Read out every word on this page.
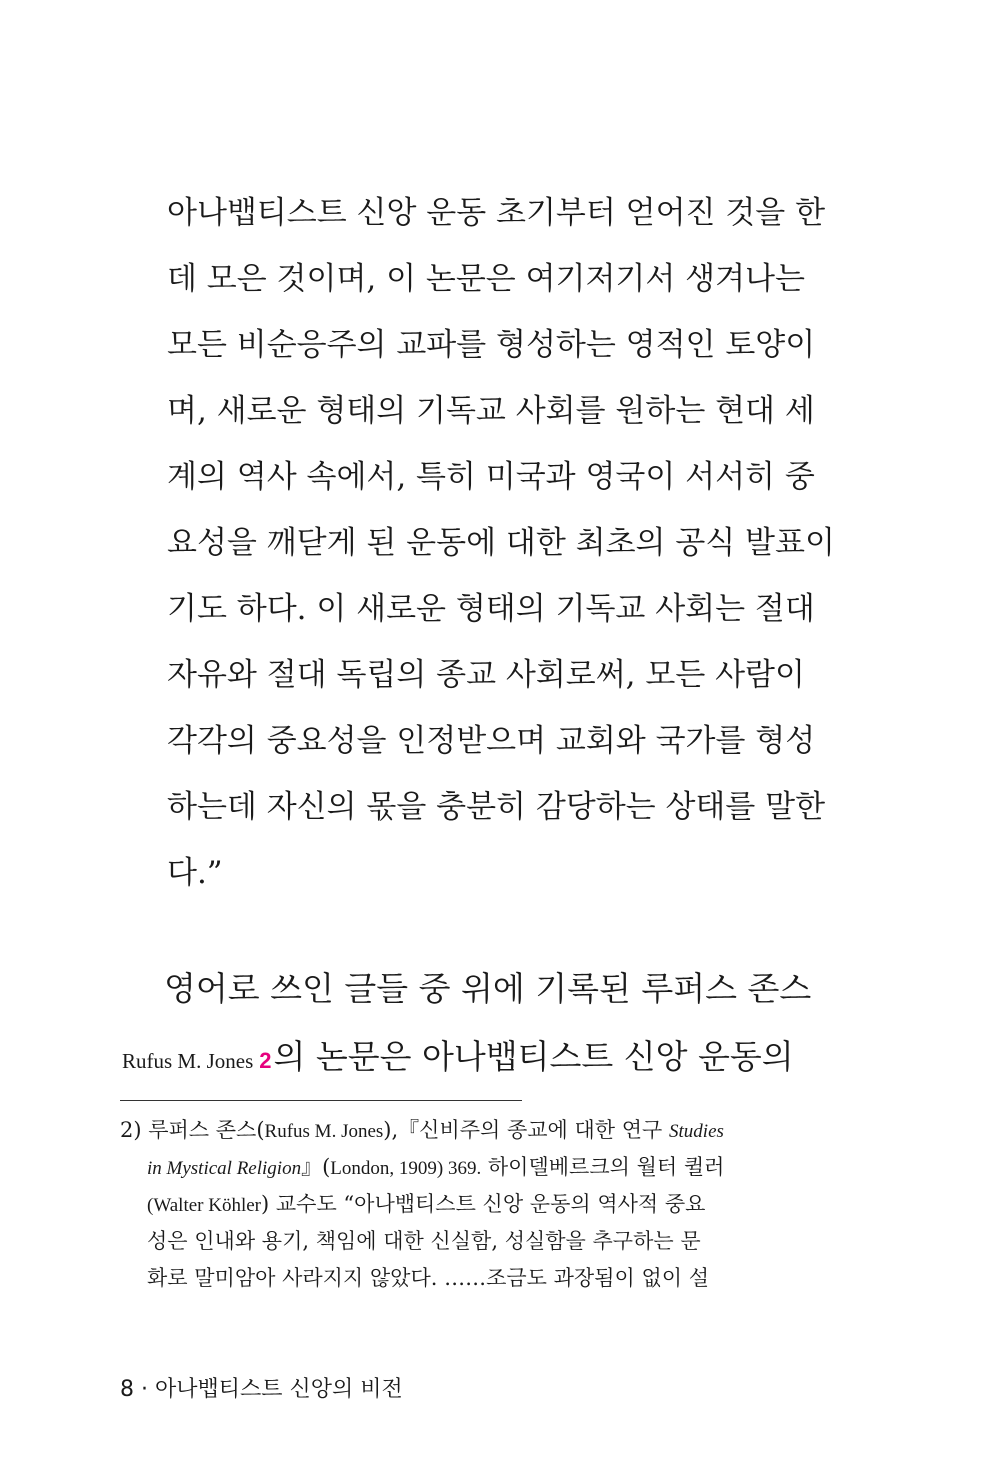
아나뱁티스트 신앙 운동 초기부터 얻어진 것을 한
데 모은 것이며, 이 논문은 여기저기서 생겨나는
모든 비순응주의 교파를 형성하는 영적인 토양이
며, 새로운 형태의 기독교 사회를 원하는 현대 세
계의 역사 속에서, 특히 미국과 영국이 서서히 중
요성을 깨닫게 된 운동에 대한 최초의 공식 발표이
기도 하다. 이 새로운 형태의 기독교 사회는 절대
자유와 절대 독립의 종교 사회로써, 모든 사람이
각각의 중요성을 인정받으며 교회와 국가를 형성
하는데 자신의 몫을 충분히 감당하는 상태를 말한
다.”
영어로 쓰인 글들 중 위에 기록된 루퍼스 존스
Rufus M. Jones 2의 논문은 아나뱁티스트 신앙 운동의
2) 루퍼스 존스(Rufus M. Jones),『신비주의 종교에 대한 연구 Studies
in Mystical Religion』(London, 1909) 369. 하이델베르크의 월터 퀼러
(Walter Köhler) 교수도 “아나뱁티스트 신앙 운동의 역사적 중요
성은 인내와 용기, 책임에 대한 신실함, 성실함을 추구하는 문
화로 말미암아 사라지지 않았다. ……조금도 과장됨이 없이 설
8 · 아나뱁티스트 신앙의 비전
